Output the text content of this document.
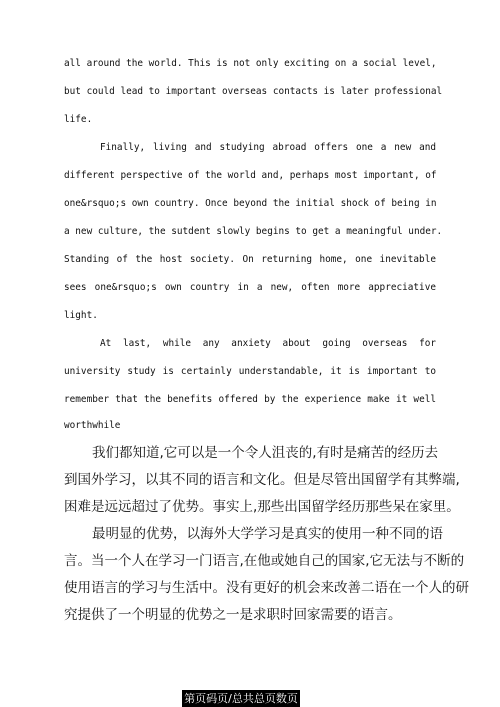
all around the world. This is not only exciting on a social level,
but could lead to important overseas contacts is later professional
life.
Finally, living and studying abroad offers one a new and
different perspective of the world and, perhaps most important, of
one&rsquo;s own country. Once beyond the initial shock of being in
a new culture, the sutdent slowly begins to get a meaningful under.
Standing of the host society. On returning home, one inevitable
sees one&rsquo;s own country in a new, often more appreciative
light.
At last, while any anxiety about going overseas for
university study is certainly understandable, it is important to
remember that the benefits offered by the experience make it well
worthwhile
我们都知道,它可以是一个令人沮丧的,有时是痛苦的经历去
到国外学习，以其不同的语言和文化。但是尽管出国留学有其弊端,
困难是远远超过了优势。事实上,那些出国留学经历那些呆在家里。
最明显的优势，以海外大学学习是真实的使用一种不同的语
言。当一个人在学习一门语言,在他或她自己的国家,它无法与不断的
使用语言的学习与生活中。没有更好的机会来改善二语在一个人的研
究提供了一个明显的优势之一是求职时回家需要的语言。
第页码页/总共总页数页
